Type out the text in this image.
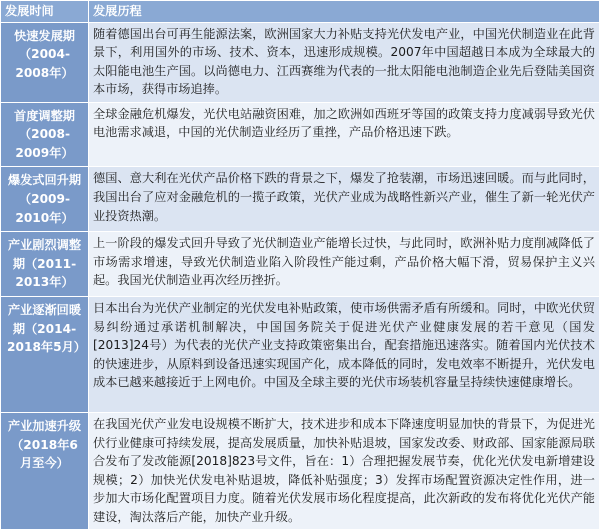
发展时间	发展历程
快速发展期（2004-2008年）	随着德国出台可再生能源法案，欧洲国家大力补贴支持光伏发电产业，中国光伏制造业在此背景下，利用国外的市场、技术、资本，迅速形成规模。2007年中国超越日本成为全球最大的太阳能电池生产国。以尚德电力、江西赛维为代表的一批太阳能电池制造企业先后登陆美国资本市场，获得市场追捧。
首度调整期（2008-2009年）	全球金融危机爆发，光伏电站融资困难，加之欧洲如西班牙等国的政策支持力度减弱导致光伏电池需求减退，中国的光伏制造业经历了重挫，产品价格迅速下跌。
爆发式回升期（2009-2010年）	德国、意大利在光伏产品价格下跌的背景之下，爆发了抢装潮，市场迅速回暖。而与此同时，我国出台了应对金融危机的一揽子政策，光伏产业成为战略性新兴产业，催生了新一轮光伏产业投资热潮。
产业剧烈调整期（2011-2013年）	上一阶段的爆发式回升导致了光伏制造业产能增长过快，与此同时，欧洲补贴力度削减降低了市场需求增速，导致光伏制造业陷入阶段性产能过剩，产品价格大幅下滑，贸易保护主义兴起。我国光伏制造业再次经历挫折。
产业逐渐回暖期（2014-2018年5月）	日本出台为光伏产业制定的光伏发电补贴政策，使市场供需矛盾有所缓和。同时，中欧光伏贸易纠纷通过承诺机制解决，中国国务院关于促进光伏产业健康发展的若干意见（国发[2013]24号）为代表的光伏产业支持政策密集出台，配套措施迅速落实。随着国内光伏技术的快速进步，从原料到设备迅速实现国产化，成本降低的同时，发电效率不断提升，光伏发电成本已越来越接近于上网电价。中国及全球主要的光伏市场装机容量呈持续快速健康增长。
产业加速升级（2018年6月至今）	在我国光伏产业发电设规模不断扩大，技术进步和成本下降速度明显加快的背景下，为促进光伏行业健康可持续发展，提高发展质量，加快补贴退坡，国家发改委、财政部、国家能源局联合发布了发改能源[2018]823号文件，旨在：1）合理把握发展节奏，优化光伏发电新增建设规模；2）加快光伏发电补贴退坡，降低补贴强度；3）发挥市场配置资源决定性作用，进一步加大市场化配置项目力度。随着光伏发展市场化程度提高，此次新政的发布将优化光伏产能建设，淘汰落后产能，加快产业升级。
